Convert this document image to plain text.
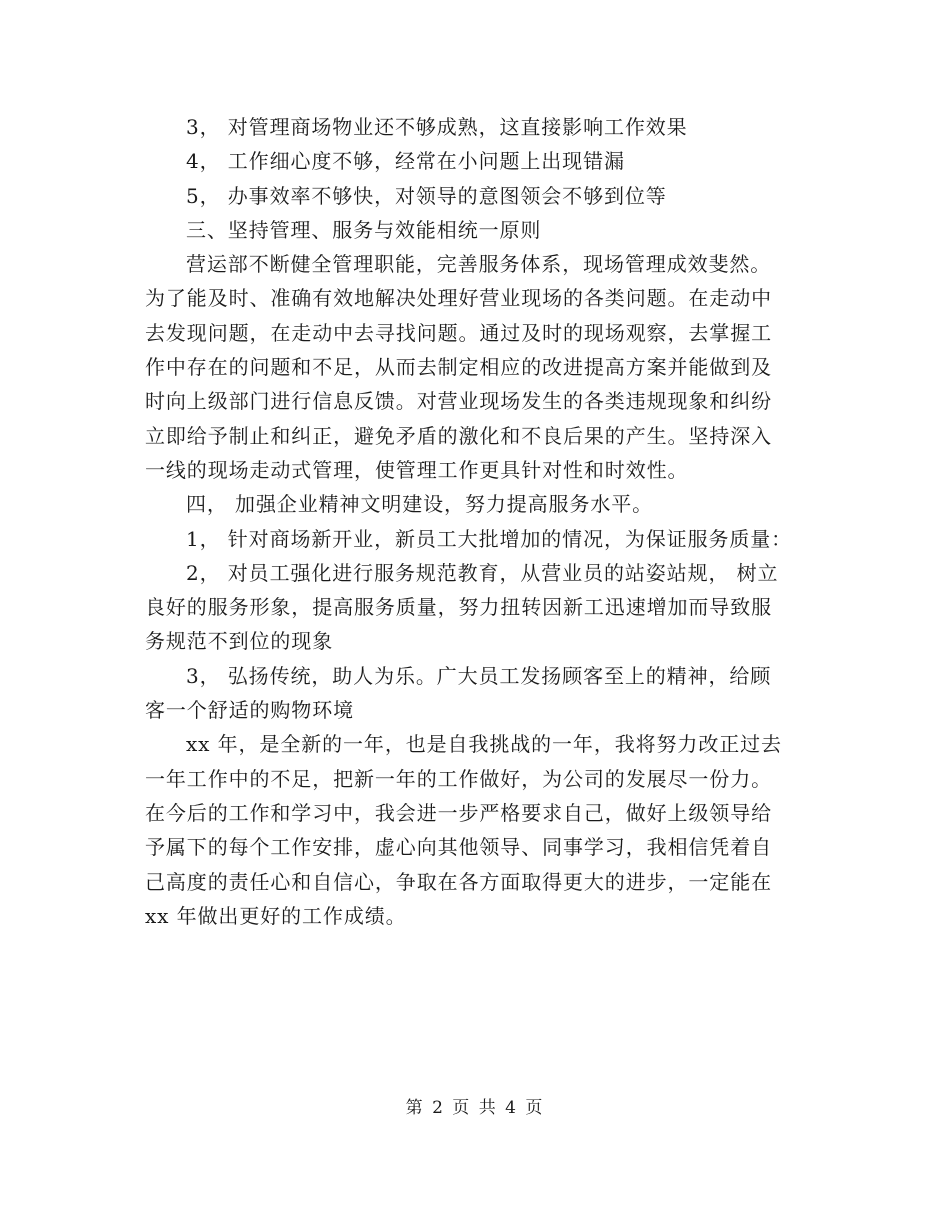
3， 对管理商场物业还不够成熟，这直接影响工作效果
4， 工作细心度不够，经常在小问题上出现错漏
5， 办事效率不够快，对领导的意图领会不够到位等
三、坚持管理、服务与效能相统一原则
营运部不断健全管理职能，完善服务体系，现场管理成效斐然。
为了能及时、准确有效地解决处理好营业现场的各类问题。在走动中
去发现问题，在走动中去寻找问题。通过及时的现场观察，去掌握工
作中存在的问题和不足，从而去制定相应的改进提高方案并能做到及
时向上级部门进行信息反馈。对营业现场发生的各类违规现象和纠纷
立即给予制止和纠正，避免矛盾的激化和不良后果的产生。坚持深入
一线的现场走动式管理，使管理工作更具针对性和时效性。
四， 加强企业精神文明建设，努力提高服务水平。
1， 针对商场新开业，新员工大批增加的情况，为保证服务质量：
2， 对员工强化进行服务规范教育，从营业员的站姿站规， 树立
良好的服务形象，提高服务质量，努力扭转因新工迅速增加而导致服
务规范不到位的现象
3， 弘扬传统，助人为乐。广大员工发扬顾客至上的精神，给顾
客一个舒适的购物环境
xx 年，是全新的一年，也是自我挑战的一年，我将努力改正过去
一年工作中的不足，把新一年的工作做好，为公司的发展尽一份力。
在今后的工作和学习中，我会进一步严格要求自己，做好上级领导给
予属下的每个工作安排，虚心向其他领导、同事学习，我相信凭着自
己高度的责任心和自信心，争取在各方面取得更大的进步，一定能在
xx 年做出更好的工作成绩。
第 2 页 共 4 页
